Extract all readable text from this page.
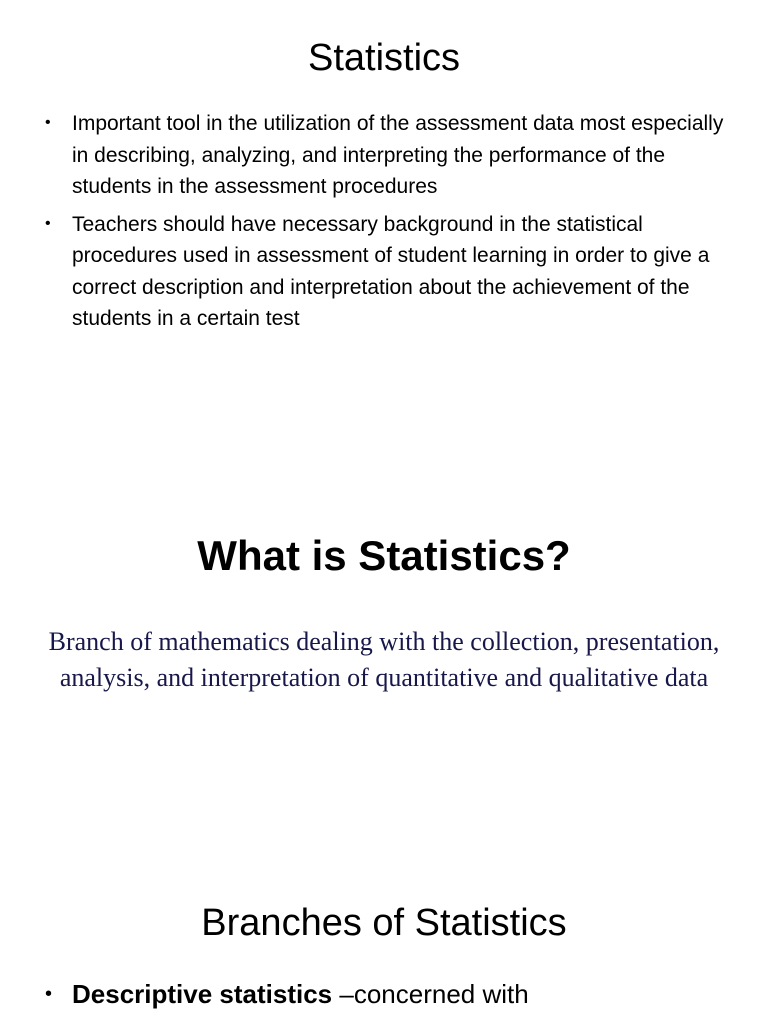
Statistics
• Important tool in the utilization of the assessment data most especially in describing, analyzing, and interpreting the performance of the students in the assessment procedures
• Teachers should have necessary background in the statistical procedures used in assessment of student learning in order to give a correct description and interpretation about the achievement of the students in a certain test
What is Statistics?

Branch of mathematics dealing with the collection, presentation, analysis, and interpretation of quantitative and qualitative data

Branches of Statistics
• Descriptive statistics –concerned with
